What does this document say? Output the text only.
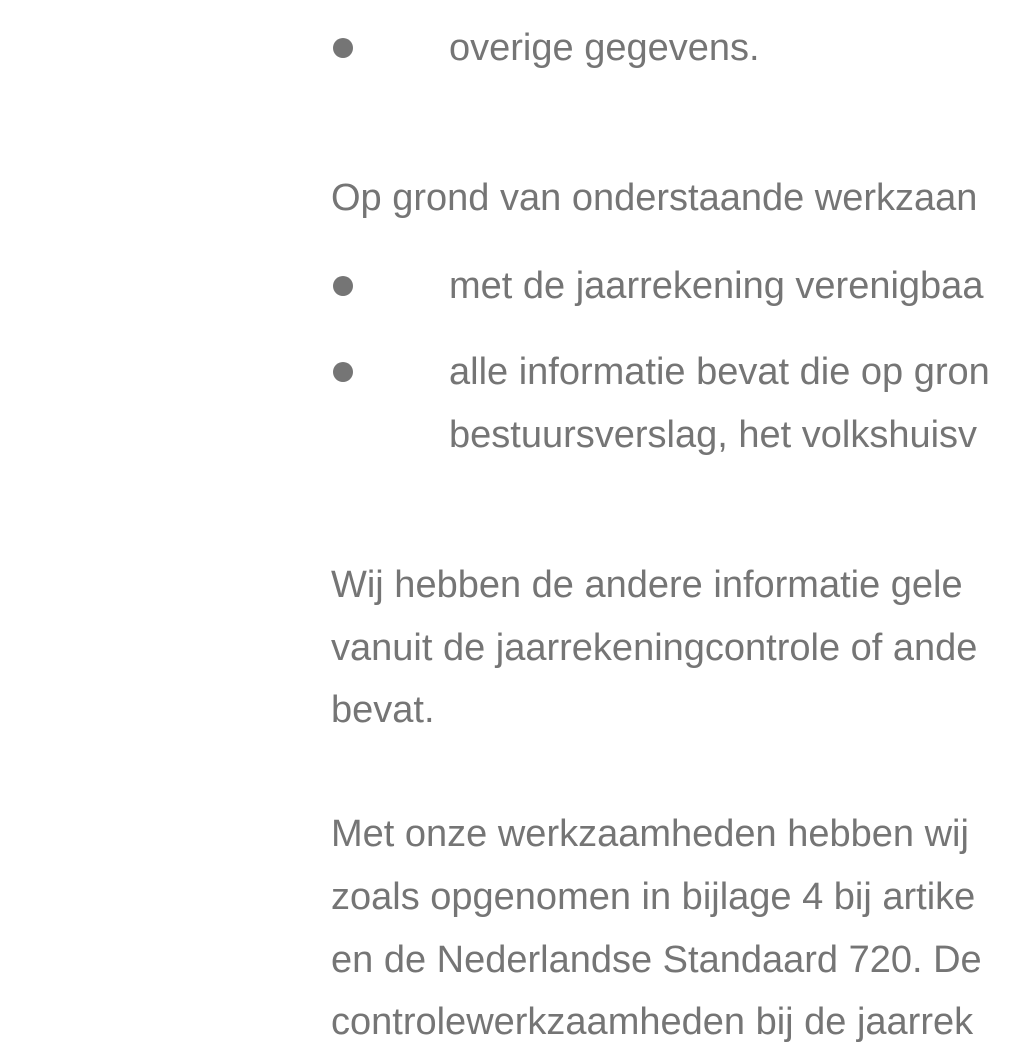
overige gegevens.
Op grond van onderstaande werkzaan
met de jaarrekening verenigbaa
alle informatie bevat die op gron
bestuursverslag, het volkshuisv
Wij hebben de andere informatie gele
vanuit de jaarrekeningcontrole of ande
bevat.
Met onze werkzaamheden hebben wij
zoals opgenomen in bijlage 4 bij artike
en de Nederlandse Standaard 720. De
controlewerkzaamheden bij de jaarrek
